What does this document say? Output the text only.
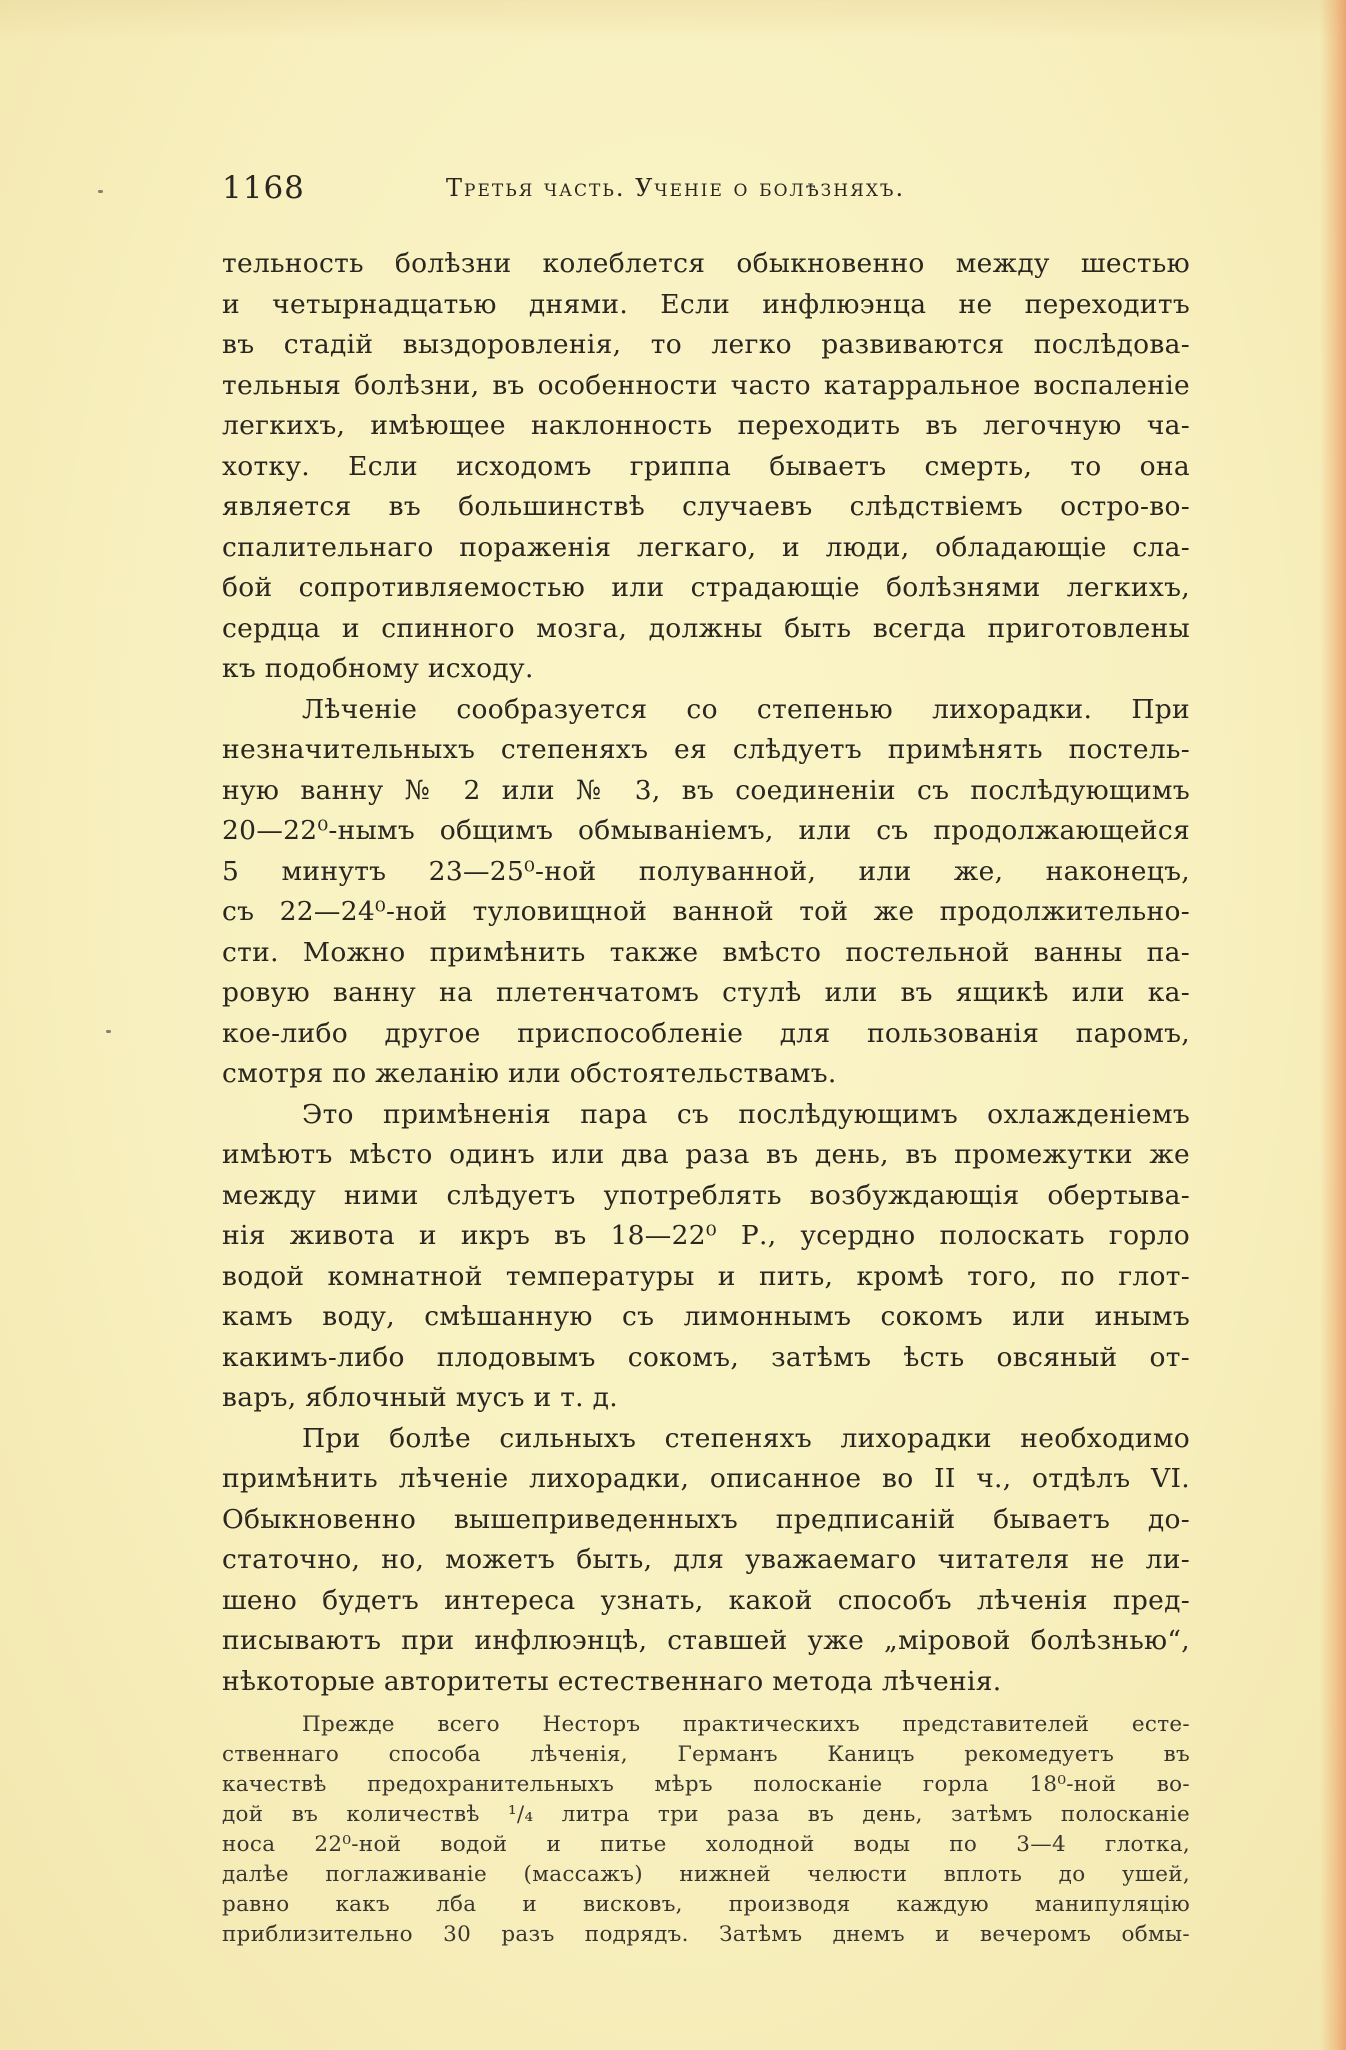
1168	Третья часть. Ученіе о болѣзняхъ.
тельность болѣзни колеблется обыкновенно между шестью
и четырнадцатью днями. Если инфлюэнца не переходитъ
въ стадій выздоровленія, то легко развиваются послѣдова-
тельныя болѣзни, въ особенности часто катарральное воспаленіе
легкихъ, имѣющее наклонность переходить въ легочную ча-
хотку. Если исходомъ гриппа бываетъ смерть, то она
является въ большинствѣ случаевъ слѣдствіемъ остро-во-
спалительнаго пораженія легкаго, и люди, обладающіе сла-
бой сопротивляемостью или страдающіе болѣзнями легкихъ,
сердца и спинного мозга, должны быть всегда приготовлены
къ подобному исходу.
Лѣченіе сообразуется со степенью лихорадки. При
незначительныхъ степеняхъ ея слѣдуетъ примѣнять постель-
ную ванну № 2 или № 3, въ соединеніи съ послѣдующимъ
20—22⁰-нымъ общимъ обмываніемъ, или съ продолжающейся
5 минутъ 23—25⁰-ной полуванной, или же, наконецъ,
съ 22—24⁰-ной туловищной ванной той же продолжительно-
сти. Можно примѣнить также вмѣсто постельной ванны па-
ровую ванну на плетенчатомъ стулѣ или въ ящикѣ или ка-
кое-либо другое приспособленіе для пользованія паромъ,
смотря по желанію или обстоятельствамъ.
Это примѣненія пара съ послѣдующимъ охлажденіемъ
имѣютъ мѣсто одинъ или два раза въ день, въ промежутки же
между ними слѣдуетъ употреблять возбуждающія обертыва-
нія живота и икръ въ 18—22⁰ Р., усердно полоскать горло
водой комнатной температуры и пить, кромѣ того, по глот-
камъ воду, смѣшанную съ лимоннымъ сокомъ или инымъ
какимъ-либо плодовымъ сокомъ, затѣмъ ѣсть овсяный от-
варъ, яблочный мусъ и т. д.
При болѣе сильныхъ степеняхъ лихорадки необходимо
примѣнить лѣченіе лихорадки, описанное во II ч., отдѣлъ VI.
Обыкновенно вышеприведенныхъ предписаній бываетъ до-
статочно, но, можетъ быть, для уважаемаго читателя не ли-
шено будетъ интереса узнать, какой способъ лѣченія пред-
писываютъ при инфлюэнцѣ, ставшей уже „міровой болѣзнью“,
нѣкоторые авторитеты естественнаго метода лѣченія.
Прежде всего Несторъ практическихъ представителей есте-
ственнаго способа лѣченія, Германъ Каницъ рекомедуетъ въ
качествѣ предохранительныхъ мѣръ полосканіе горла 18⁰-ной во-
дой въ количествѣ ¹/₄ литра три раза въ день, затѣмъ полосканіе
носа 22⁰-ной водой и питье холодной воды по 3—4 глотка,
далѣе поглаживаніе (массажъ) нижней челюсти вплоть до ушей,
равно какъ лба и висковъ, производя каждую манипуляцію
приблизительно 30 разъ подрядъ. Затѣмъ днемъ и вечеромъ обмы-
